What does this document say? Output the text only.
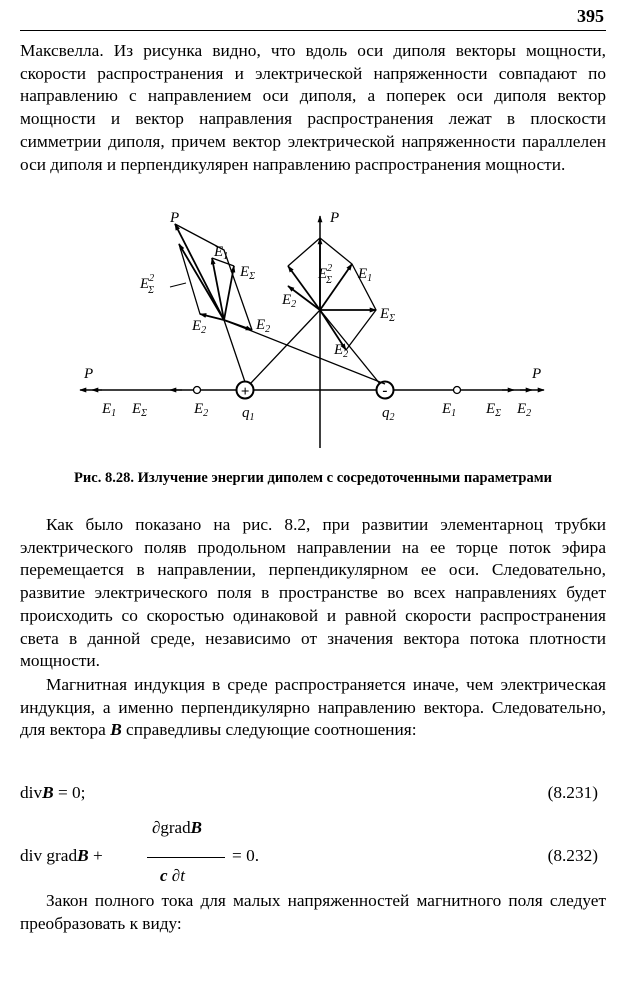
395

Максвелла. Из рисунка видно, что вдоль оси диполя векторы мощности, скорости распространения и электрической напряженности совпадают по направлению с направлением оси диполя, а поперек оси диполя вектор мощности и вектор направления распространения лежат в плоскости симметрии диполя, причем вектор электрической напряженности параллелен оси диполя и перпендикулярен направлению распространения мощности.

P	P
P	P
$E_1$
$E_\Sigma$
$E^2$ Σ
$E_2$	$E_2$
$E^2$ Σ $E_1$
$E_2$
$E_\Sigma$
$E_2$
$E_1$ $E_\Sigma$	$E_2$ $q_1$	$q_2$
$E_1$ $E_\Sigma$ $E_2$
+	-

Рис. 8.28. Излучение энергии диполем с сосредоточенными параметрами

Как было показано на рис. 8.2, при развитии элементарноц трубки электрического поляв продольном направлении на ее торце поток эфира перемещается в направлении, перпендикулярном ее оси. Следовательно, развитие электрического поля в пространстве во всех направлениях будет происходить со скоростью одинаковой и равной скорости распространения света в данной среде, независимо от значения вектора потока плотности мощности.

Магнитная индукция в среде распространяется иначе, чем электрическая индукция, а именно перпендикулярно направлению вектора. Следовательно, для вектора B справедливы следующие соотношения:

divB = 0;	(8.231)
∂gradB
c ∂t
div gradB +	= 0.	(8.232)

Закон полного тока для малых напряженностей магнитного поля следует преобразовать к виду:
